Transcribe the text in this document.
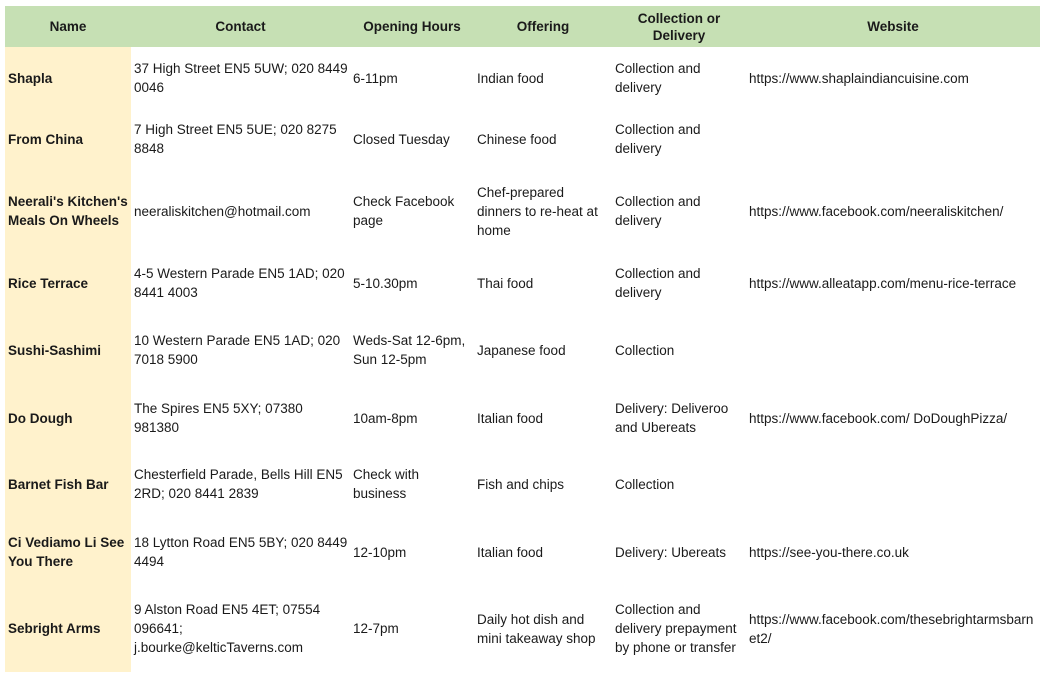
Name	Contact	Opening Hours	Offering	Collection or Delivery	Website
Shapla	37 High Street EN5 5UW; 020 8449 0046	6-11pm	Indian food	Collection and delivery	https://www.shaplaindiancuisine.com
From China	7 High Street EN5 5UE; 020 8275 8848	Closed Tuesday	Chinese food	Collection and delivery	
Neerali's Kitchen's Meals On Wheels	neeraliskitchen@hotmail.com	Check Facebook page	Chef-prepared dinners to re-heat at home	Collection and delivery	https://www.facebook.com/neeraliskitchen/
Rice Terrace	4-5 Western Parade EN5 1AD; 020 8441 4003	5-10.30pm	Thai food	Collection and delivery	https://www.alleatapp.com/menu-rice-terrace
Sushi-Sashimi	10 Western Parade EN5 1AD; 020 7018 5900	Weds-Sat 12-6pm, Sun 12-5pm	Japanese food	Collection	
Do Dough	The Spires EN5 5XY; 07380 981380	10am-8pm	Italian food	Delivery: Deliveroo and Ubereats	https://www.facebook.com/ DoDoughPizza/
Barnet Fish Bar	Chesterfield Parade, Bells Hill EN5 2RD; 020 8441 2839	Check with business	Fish and chips	Collection	
Ci Vediamo Li See You There	18 Lytton Road EN5 5BY; 020 8449 4494	12-10pm	Italian food	Delivery: Ubereats	https://see-you-there.co.uk
Sebright Arms	9 Alston Road EN5 4ET; 07554 096641; j.bourke@kelticTaverns.com	12-7pm	Daily hot dish and mini takeaway shop	Collection and delivery prepayment by phone or transfer	https://www.facebook.com/thesebrightarmsbarnet2/
